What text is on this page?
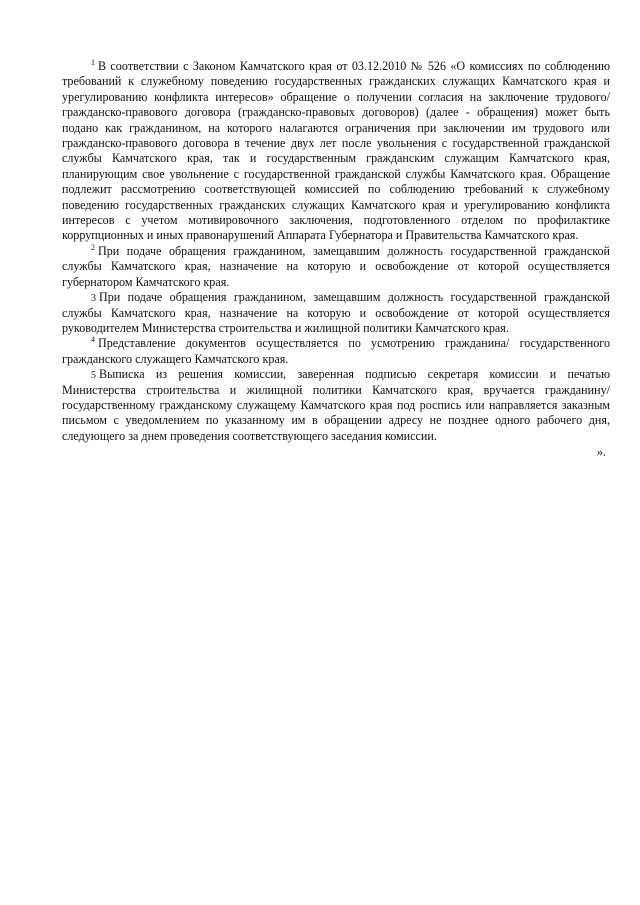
$^1$ В соответствии с Законом Камчатского края от 03.12.2010 № 526 «О комиссиях по соблюдению требований к служебному поведению государственных гражданских служащих Камчатского края и урегулированию конфликта интересов» обращение о получении согласия на заключение трудового/ гражданско-правового договора (гражданско-правовых договоров) (далее - обращения) может быть подано как гражданином, на которого налагаются ограничения при заключении им трудового или гражданско-правового договора в течение двух лет после увольнения с государственной гражданской службы Камчатского края, так и государственным гражданским служащим Камчатского края, планирующим свое увольнение с государственной гражданской службы Камчатского края. Обращение подлежит рассмотрению соответствующей комиссией по соблюдению требований к служебному поведению государственных гражданских служащих Камчатского края и урегулированию конфликта интересов с учетом мотивировочного заключения, подготовленного отделом по профилактике коррупционных и иных правонарушений Аппарата Губернатора и Правительства Камчатского края.

$^2$ При подаче обращения гражданином, замещавшим должность государственной гражданской службы Камчатского края, назначение на которую и освобождение от которой осуществляется губернатором Камчатского края.

3 При подаче обращения гражданином, замещавшим должность государственной гражданской службы Камчатского края, назначение на которую и освобождение от которой осуществляется руководителем Министерства строительства и жилищной политики Камчатского края.

$^4$ Представление документов осуществляется по усмотрению гражданина/ государственного гражданского служащего Камчатского края.

5 Выписка из решения комиссии, заверенная подписью секретаря комиссии и печатью Министерства строительства и жилищной политики Камчатского края, вручается гражданину/ государственному гражданскому служащему Камчатского края под роспись или направляется заказным письмом с уведомлением по указанному им в обращении адресу не позднее одного рабочего дня, следующего за днем проведения соответствующего заседания комиссии.

».
